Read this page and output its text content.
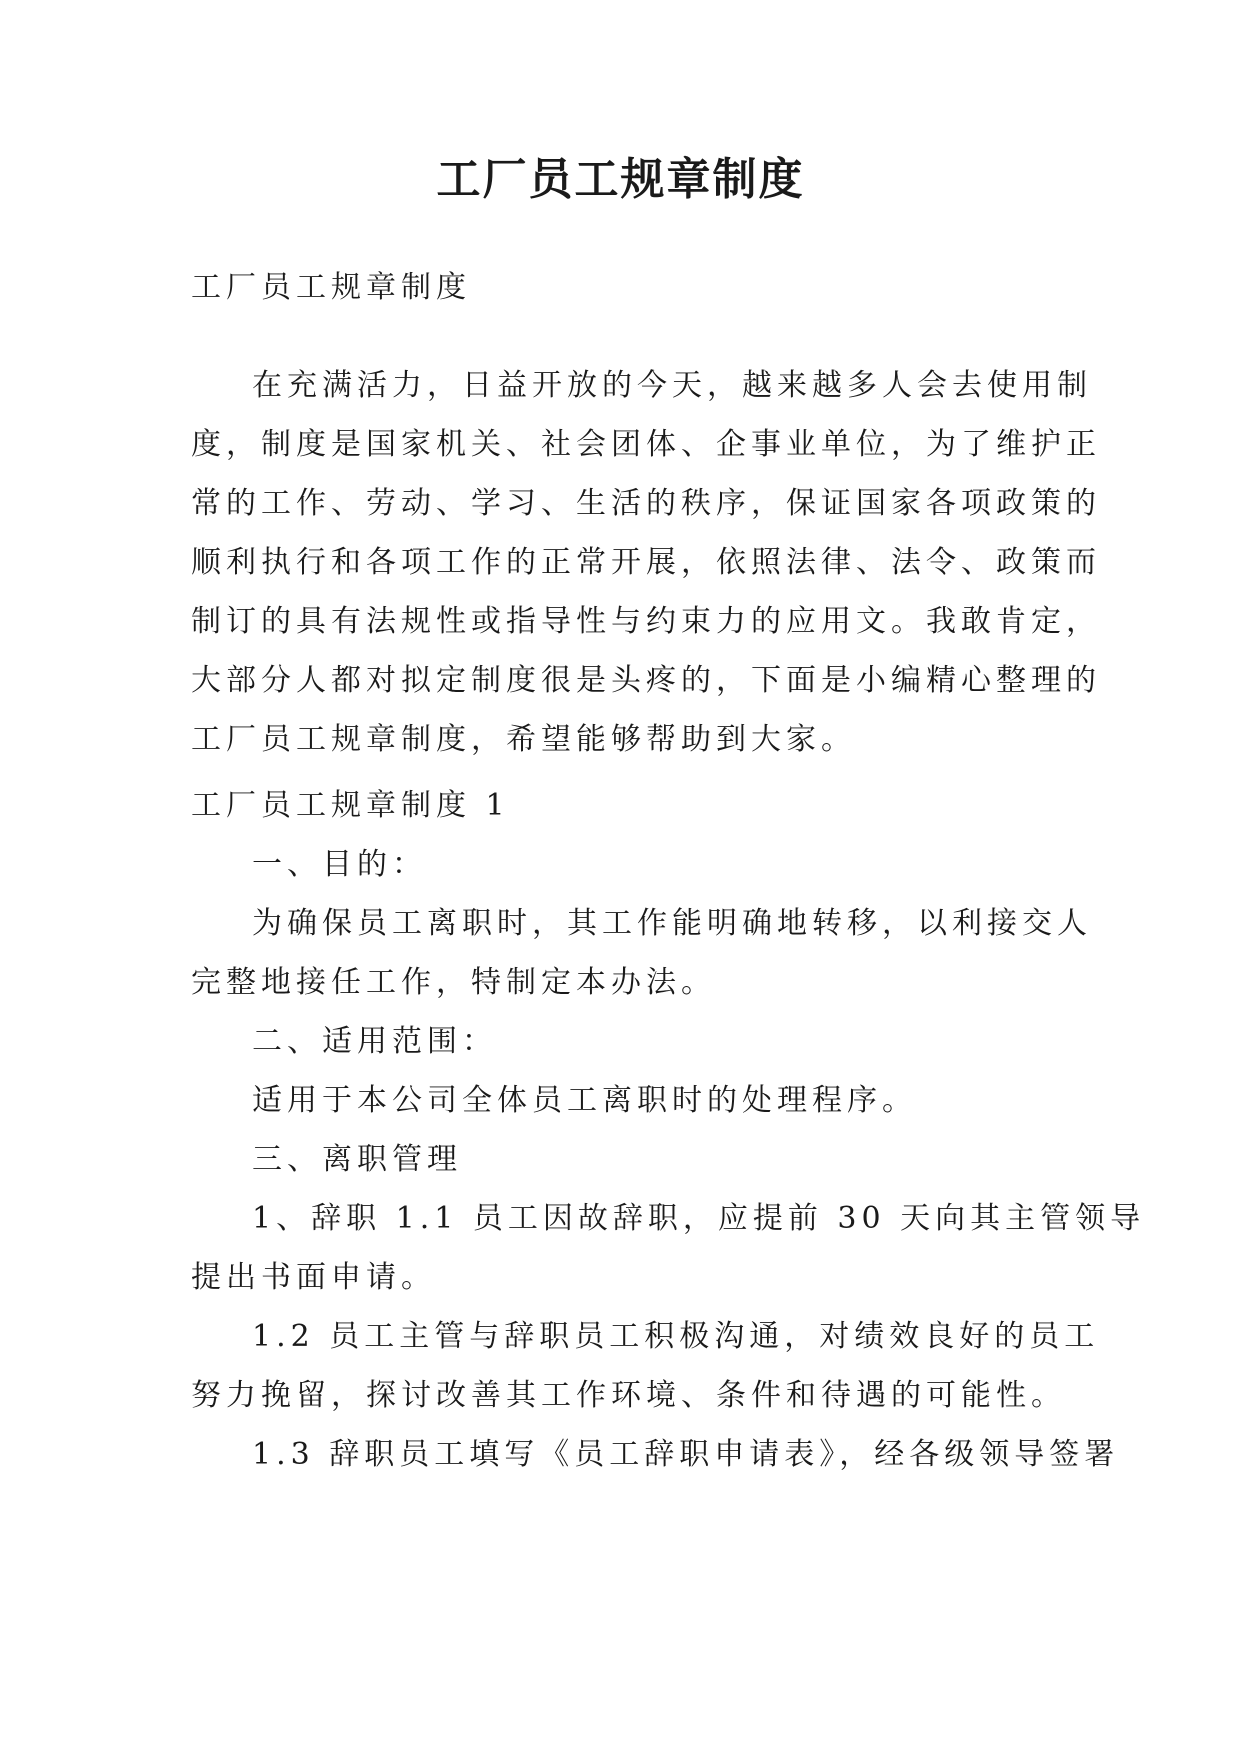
工厂员工规章制度

工厂员工规章制度

在充满活力，日益开放的今天，越来越多人会去使用制
度，制度是国家机关、社会团体、企事业单位，为了维护正
常的工作、劳动、学习、生活的秩序，保证国家各项政策的
顺利执行和各项工作的正常开展，依照法律、法令、政策而
制订的具有法规性或指导性与约束力的应用文。我敢肯定，
大部分人都对拟定制度很是头疼的，下面是小编精心整理的
工厂员工规章制度，希望能够帮助到大家。

工厂员工规章制度 1

一、目的：

为确保员工离职时，其工作能明确地转移，以利接交人
完整地接任工作，特制定本办法。

二、适用范围：

适用于本公司全体员工离职时的处理程序。

三、离职管理

1、辞职 1.1 员工因故辞职，应提前 30 天向其主管领导
提出书面申请。
1.2 员工主管与辞职员工积极沟通，对绩效良好的员工
努力挽留，探讨改善其工作环境、条件和待遇的可能性。

1.3 辞职员工填写《员工辞职申请表》，经各级领导签署
